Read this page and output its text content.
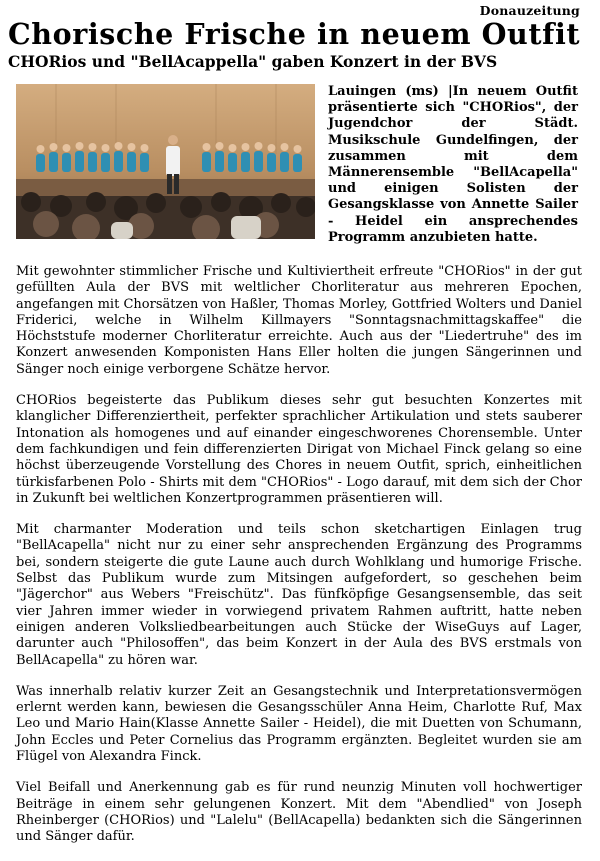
Donauzeitung
Chorische Frische in neuem Outfit
CHORios und "BellAcappella" gaben Konzert in der BVS

Lauingen (ms) |In neuem Outfit präsentierte sich "CHORios", der Jugendchor der Städt. Musikschule Gundelfingen, der zusammen mit dem Männerensemble "BellAcapella" und einigen Solisten der Gesangsklasse von Annette Sailer - Heidel ein ansprechendes Programm anzubieten hatte.

Mit gewohnter stimmlicher Frische und Kultiviertheit erfreute "CHORios" in der gut gefüllten Aula der BVS mit weltlicher Chorliteratur aus mehreren Epochen, angefangen mit Chorsätzen von Haßler, Thomas Morley, Gottfried Wolters und Daniel Friderici, welche in Wilhelm Killmayers "Sonntagsnachmittagskaffee" die Höchststufe moderner Chorliteratur erreichte. Auch aus der "Liedertruhe" des im Konzert anwesenden Komponisten Hans Eller holten die jungen Sängerinnen und Sänger noch einige verborgene Schätze hervor.

CHORios begeisterte das Publikum dieses sehr gut besuchten Konzertes mit klanglicher Differenziertheit, perfekter sprachlicher Artikulation und stets sauberer Intonation als homogenes und auf einander eingeschworenes Chorensemble. Unter dem fachkundigen und fein differenzierten Dirigat von Michael Finck gelang so eine höchst überzeugende Vorstellung des Chores in neuem Outfit, sprich, einheitlichen türkisfarbenen Polo - Shirts mit dem "CHORios" - Logo darauf, mit dem sich der Chor in Zukunft bei weltlichen Konzertprogrammen präsentieren will.

Mit charmanter Moderation und teils schon sketchartigen Einlagen trug "BellAcapella" nicht nur zu einer sehr ansprechenden Ergänzung des Programms bei, sondern steigerte die gute Laune auch durch Wohlklang und humorige Frische. Selbst das Publikum wurde zum Mitsingen aufgefordert, so geschehen beim "Jägerchor" aus Webers "Freischütz". Das fünfköpfige Gesangsensemble, das seit vier Jahren immer wieder in vorwiegend privatem Rahmen auftritt, hatte neben einigen anderen Volksliedbearbeitungen auch Stücke der WiseGuys auf Lager, darunter auch "Philosoffen", das beim Konzert in der Aula des BVS erstmals von BellAcapella" zu hören war.

Was innerhalb relativ kurzer Zeit an Gesangstechnik und Interpretationsvermögen erlernt werden kann, bewiesen die Gesangsschüler Anna Heim, Charlotte Ruf, Max Leo und Mario Hain(Klasse Annette Sailer - Heidel), die mit Duetten von Schumann, John Eccles und Peter Cornelius das Programm ergänzten. Begleitet wurden sie am Flügel von Alexandra Finck.

Viel Beifall und Anerkennung gab es für rund neunzig Minuten voll hochwertiger Beiträge in einem sehr gelungenen Konzert. Mit dem "Abendlied" von Joseph Rheinberger (CHORios) und "Lalelu" (BellAcapella) bedankten sich die Sängerinnen und Sänger dafür.
